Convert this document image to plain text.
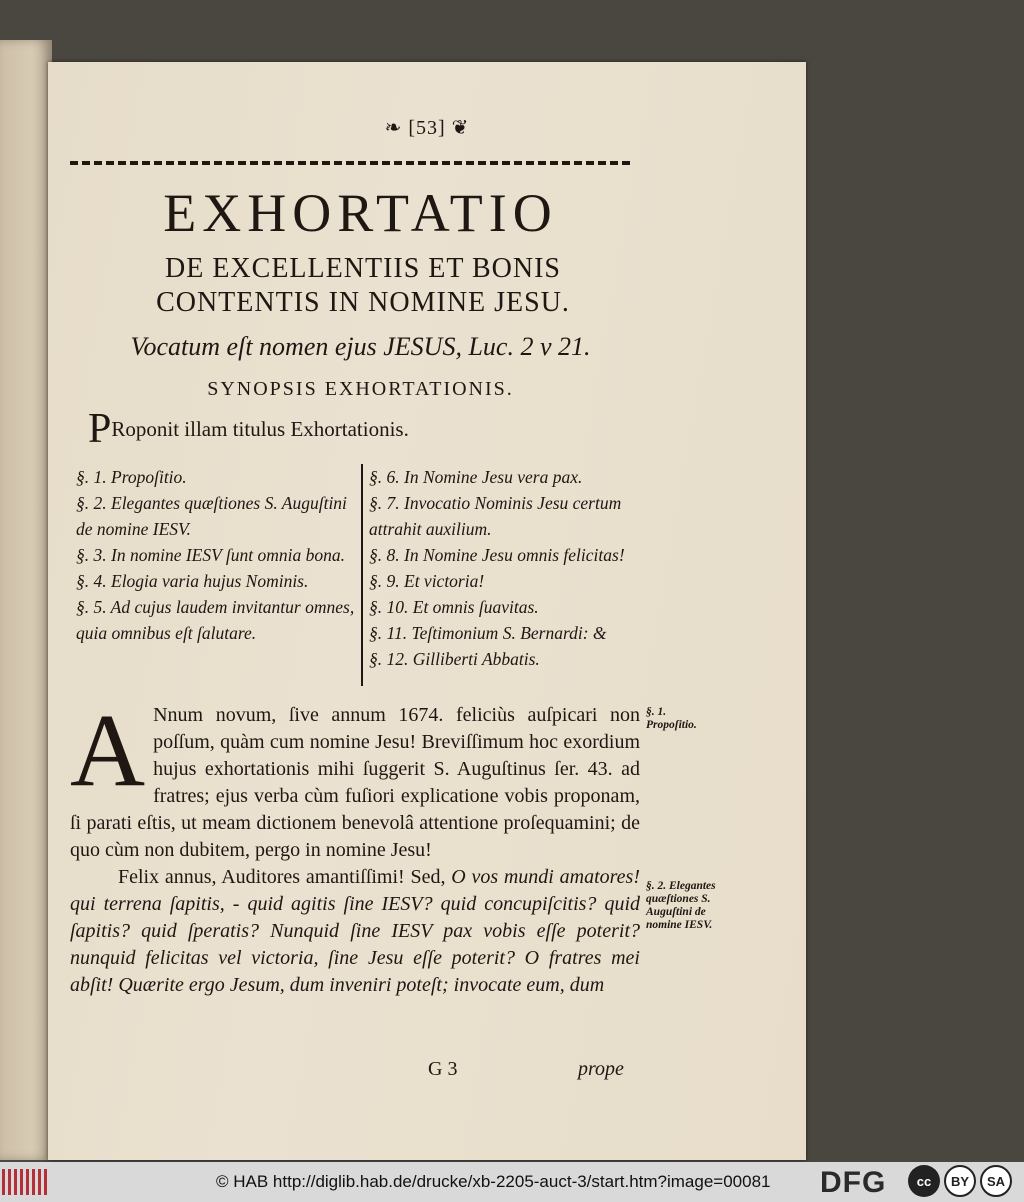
❧ [53] ❦
EXHORTATIO
DE EXCELLENTIIS ET BONIS CONTENTIS IN NOMINE JESU.
Vocatum eſt nomen ejus JESUS, Luc. 2 v 21.
SYNOPSIS EXHORTATIONIS.
PRoponit illam titulus Exhortationis.
§. 1. Propoſitio.
§. 2. Elegantes quæſtiones S. Auguſtini de nomine IESV.
§. 3. In nomine IESV ſunt omnia bona.
§. 4. Elogia varia hujus Nominis.
§. 5. Ad cujus laudem invitantur omnes, quia omnibus eſt ſalutare.
§. 6. In Nomine Jesu vera pax.
§. 7. Invocatio Nominis Jesu certum attrahit auxilium.
§. 8. In Nomine Jesu omnis felicitas!
§. 9. Et victoria!
§. 10. Et omnis ſuavitas.
§. 11. Teſtimonium S. Bernardi: &
§. 12. Gilliberti Abbatis.

A Nnum novum, ſive annum 1674. feliciùs auſpicari non poſſum, quàm cum nomine Jesu! Breviſſimum hoc exordium hujus exhortationis mihi ſuggerit S. Auguſtinus ſer. 43. ad fratres; ejus verba cùm fuſiori explicatione vobis proponam, ſi parati eſtis, ut meam dictionem benevolâ attentione proſequamini; de quo cùm non dubitem, pergo in nomine Jesu!

Felix annus, Auditores amantiſſimi! Sed, O vos mundi amatores! qui terrena ſapitis, - quid agitis ſine IESV? quid concupiſcitis? quid ſapitis? quid ſperatis? Nunquid ſine IESV pax vobis eſſe poterit? nunquid felicitas vel victoria, ſine Jesu eſſe poterit? O fratres mei abſit! Quærite ergo Jesum, dum inveniri poteſt; invocate eum, dum

§. 1. Propoſitio.
§. 2. Elegantes quæſtiones S. Auguſtini de nomine IESV.
G 3	prope
© HAB http://diglib.hab.de/drucke/xb-2205-auct-3/start.htm?image=00081 DFG	cc	BY	SA
